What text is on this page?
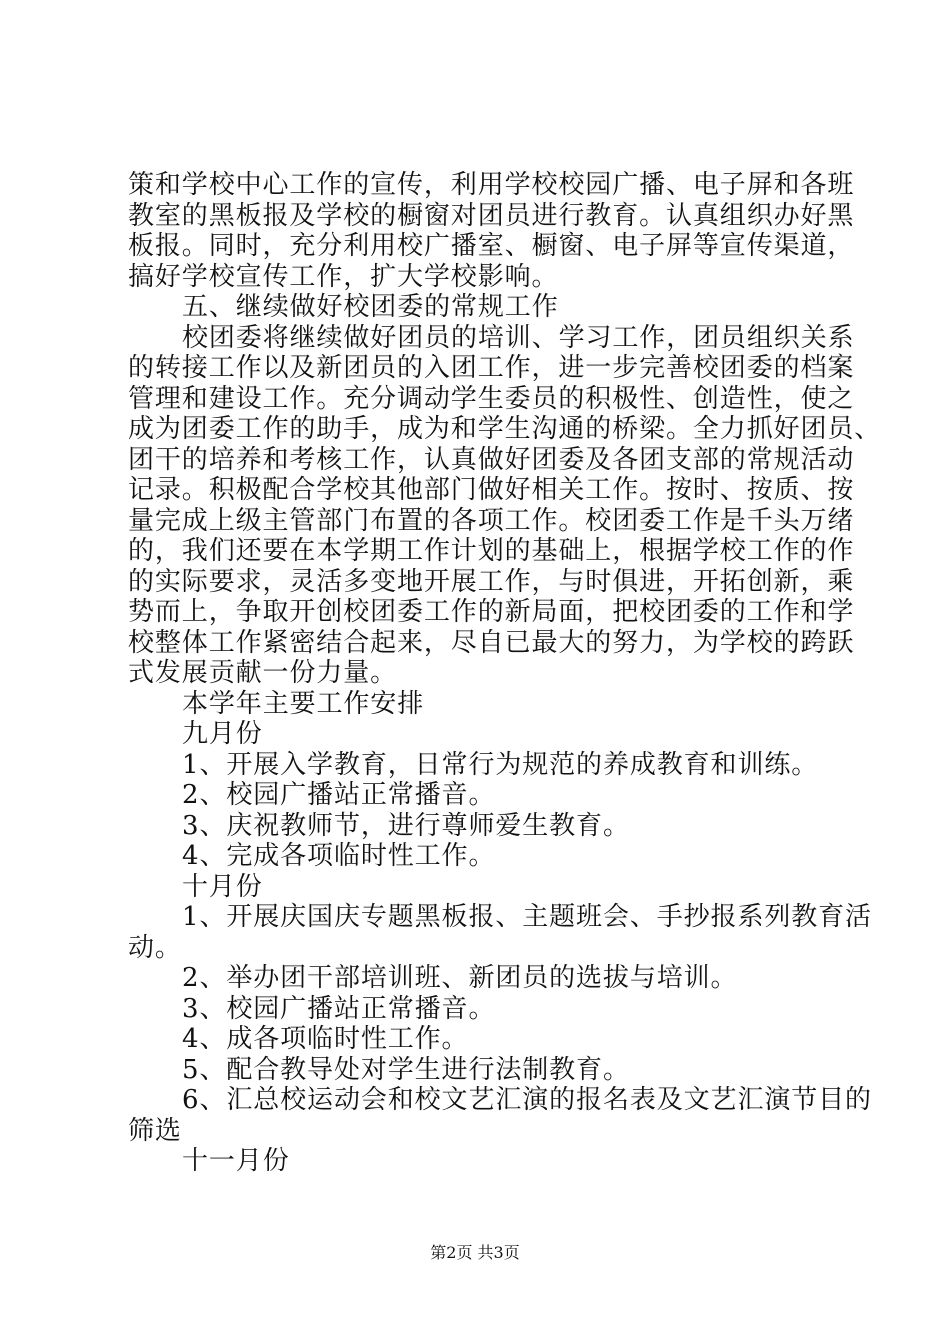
策和学校中心工作的宣传，利用学校校园广播、电子屏和各班
教室的黑板报及学校的橱窗对团员进行教育。认真组织办好黑
板报。同时，充分利用校广播室、橱窗、电子屏等宣传渠道，
搞好学校宣传工作，扩大学校影响。
五、继续做好校团委的常规工作
校团委将继续做好团员的培训、学习工作，团员组织关系
的转接工作以及新团员的入团工作，进一步完善校团委的档案
管理和建设工作。充分调动学生委员的积极性、创造性，使之
成为团委工作的助手，成为和学生沟通的桥梁。全力抓好团员、
团干的培养和考核工作，认真做好团委及各团支部的常规活动
记录。积极配合学校其他部门做好相关工作。按时、按质、按
量完成上级主管部门布置的各项工作。校团委工作是千头万绪
的，我们还要在本学期工作计划的基础上，根据学校工作的作
的实际要求，灵活多变地开展工作，与时俱进，开拓创新，乘
势而上，争取开创校团委工作的新局面，把校团委的工作和学
校整体工作紧密结合起来，尽自已最大的努力，为学校的跨跃
式发展贡献一份力量。
本学年主要工作安排
九月份
1、开展入学教育，日常行为规范的养成教育和训练。
2、校园广播站正常播音。
3、庆祝教师节，进行尊师爱生教育。
4、完成各项临时性工作。
十月份
1、开展庆国庆专题黑板报、主题班会、手抄报系列教育活
动。
2、举办团干部培训班、新团员的选拔与培训。
3、校园广播站正常播音。
4、成各项临时性工作。
5、配合教导处对学生进行法制教育。
6、汇总校运动会和校文艺汇演的报名表及文艺汇演节目的
筛选
十一月份
第2页 共3页
